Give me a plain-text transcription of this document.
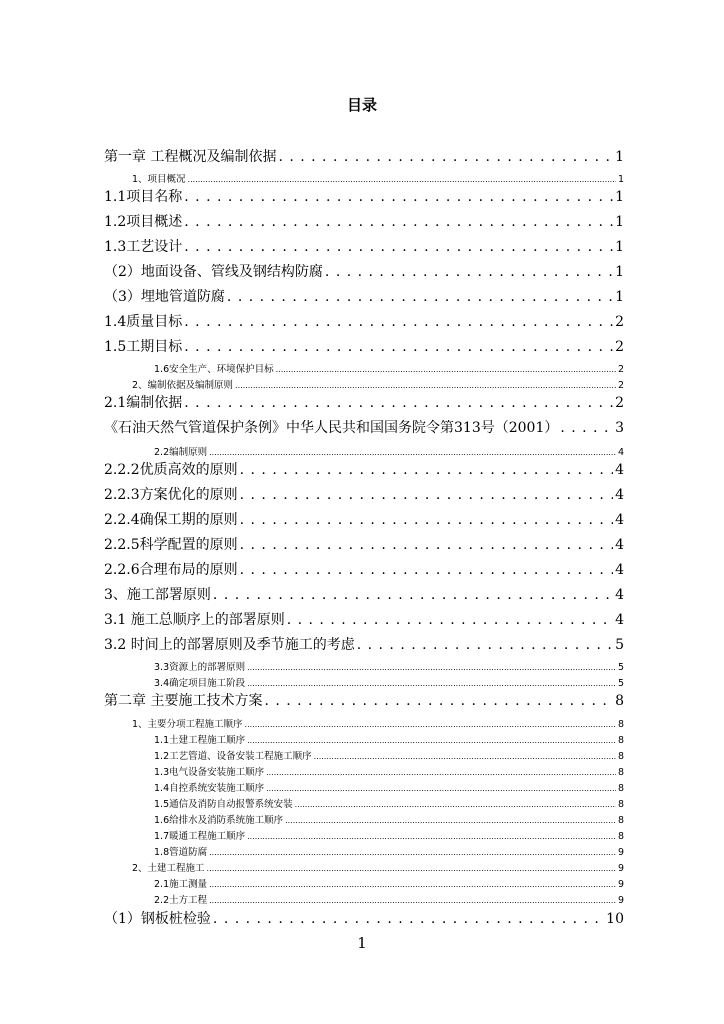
目录
第一章 工程概况及编制依据 . . .	1
1、项目概况 .....	1
1.1项目名称 . . .	1
1.2项目概述 . . .	1
1.3工艺设计 . . .	1
（2）地面设备、管线及钢结构防腐 . . .	1
（3）埋地管道防腐 . . .	1
1.4质量目标 . . .	2
1.5工期目标 . . .	2
1.6安全生产、环境保护目标 .....	2
2、编制依据及编制原则 .....	2
2.1编制依据 . . .	2
《石油天然气管道保护条例》中华人民共和国国务院令第313号（2001） . . .	3
2.2编制原则 .....	4
2.2.2优质高效的原则 . . .	4
2.2.3方案优化的原则 . . .	4
2.2.4确保工期的原则 . . .	4
2.2.5科学配置的原则 . . .	4
2.2.6合理布局的原则 . . .	4
3、施工部署原则 . . .	4
3.1 施工总顺序上的部署原则 . . .	4
3.2 时间上的部署原则及季节施工的考虑 . . .	5
3.3资源上的部署原则 .....	5
3.4确定项目施工阶段 .....	5
第二章 主要施工技术方案 . . .	8
1、主要分项工程施工顺序 .....	8
1.1土建工程施工顺序 .....	8
1.2工艺管道、设备安装工程施工顺序 .....	8
1.3电气设备安装施工顺序 .....	8
1.4自控系统安装施工顺序 .....	8
1.5通信及消防自动报警系统安装 .....	8
1.6给排水及消防系统施工顺序 .....	8
1.7暖通工程施工顺序 .....	8
1.8管道防腐 .....	9
2、土建工程施工 .....	9
2.1施工测量 .....	9
2.2土方工程 .....	9
（1）钢板桩检验 . . .	10
1
